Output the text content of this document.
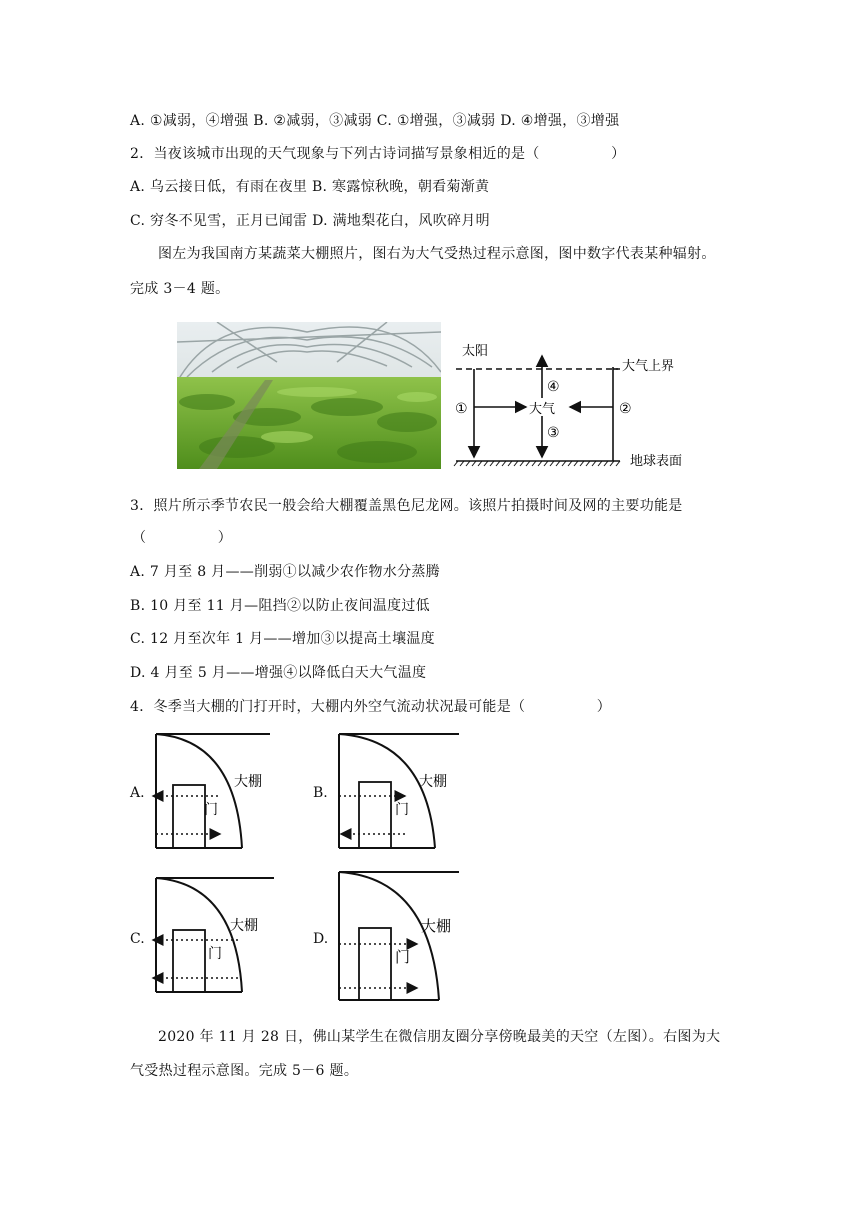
A. ①减弱，④增强 B. ②减弱，③减弱 C. ①增强，③减弱 D. ④增强，③增强
2．当夜该城市出现的天气现象与下列古诗词描写景象相近的是（　　　　　）
A. 乌云接日低，有雨在夜里 B. 寒露惊秋晚，朝看菊渐黄
C. 穷冬不见雪，正月已闻雷 D. 满地梨花白，风吹碎月明
图左为我国南方某蔬菜大棚照片，图右为大气受热过程示意图，图中数字代表某种辐射。
完成 3－4 题。
太阳
大气上界
大气
地球表面
①	②
③
④
3．照片所示季节农民一般会给大棚覆盖黑色尼龙网。该照片拍摄时间及网的主要功能是
（　　　　　）
A. 7 月至 8 月——削弱①以减少农作物水分蒸腾
B. 10 月至 11 月—阻挡②以防止夜间温度过低
C. 12 月至次年 1 月——增加③以提高土壤温度
D. 4 月至 5 月——增强④以降低白天大气温度
4．冬季当大棚的门打开时，大棚内外空气流动状况最可能是（　　　　　）
A.
大棚
门
B.
大棚
门
C.
大棚
门
D.
大棚
门
2020 年 11 月 28 日，佛山某学生在微信朋友圈分享傍晚最美的天空（左图）。右图为大
气受热过程示意图。完成 5－6 题。
